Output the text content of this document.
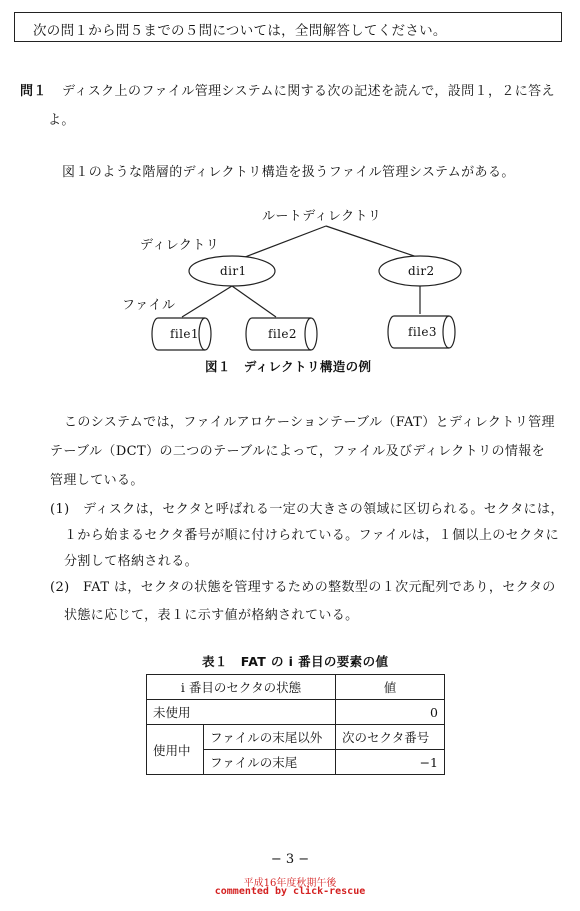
次の問１から問５までの５問については，全問解答してください。
問１ ディスク上のファイル管理システムに関する次の記述を読んで，設問１，２に答え
よ。
図１のような階層的ディレクトリ構造を扱うファイル管理システムがある。
ルートディレクトリ
ディレクトリ
ファイル
dir1	dir2
file1	file2	file3
図１　ディレクトリ構造の例
このシステムでは，ファイルアロケーションテーブル（FAT）とディレクトリ管理
テーブル（DCT）の二つのテーブルによって，ファイル及びディレクトリの情報を
管理している。
(1)　ディスクは，セクタと呼ばれる一定の大きさの領域に区切られる。セクタには，
１から始まるセクタ番号が順に付けられている。ファイルは，１個以上のセクタに
分割して格納される。
(2)　FAT は，セクタの状態を管理するための整数型の１次元配列であり，セクタの
状態に応じて，表１に示す値が格納されている。
表１　FAT の i 番目の要素の値
i 番目のセクタの状態		値
未使用		0
使用中	ファイルの末尾以外	次のセクタ番号
	ファイルの末尾	−1
− 3 −
平成16年度秋期午後
commented by click-rescue
